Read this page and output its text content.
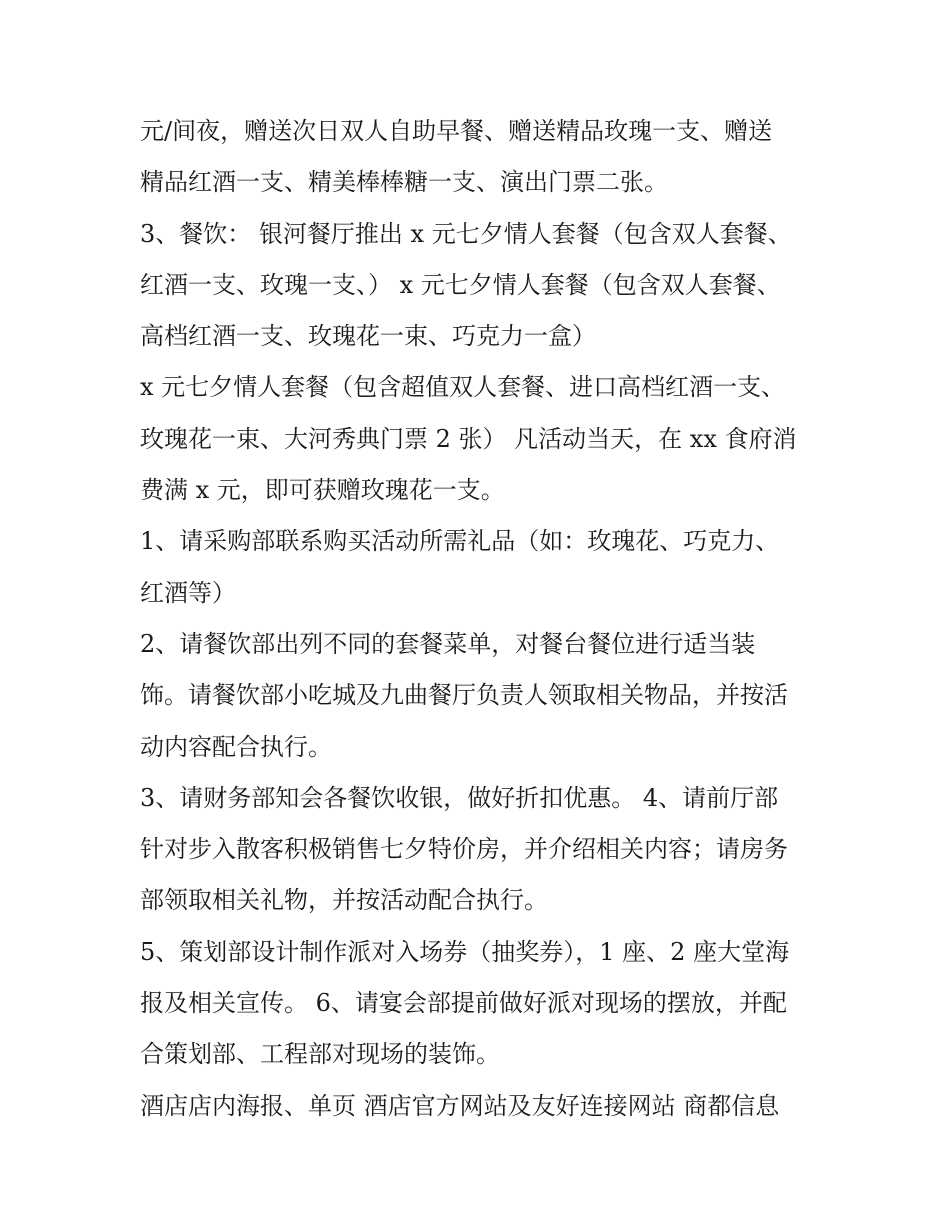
元/间夜，赠送次日双人自助早餐、赠送精品玫瑰一支、赠送
精品红酒一支、精美棒棒糖一支、演出门票二张。
3、餐饮： 银河餐厅推出 x 元七夕情人套餐（包含双人套餐、
红酒一支、玫瑰一支、） x 元七夕情人套餐（包含双人套餐、
高档红酒一支、玫瑰花一束、巧克力一盒）
x 元七夕情人套餐（包含超值双人套餐、进口高档红酒一支、
玫瑰花一束、大河秀典门票 2 张） 凡活动当天，在 xx 食府消
费满 x 元，即可获赠玫瑰花一支。
1、请采购部联系购买活动所需礼品（如：玫瑰花、巧克力、
红酒等）
2、请餐饮部出列不同的套餐菜单，对餐台餐位进行适当装
饰。请餐饮部小吃城及九曲餐厅负责人领取相关物品，并按活
动内容配合执行。
3、请财务部知会各餐饮收银，做好折扣优惠。 4、请前厅部
针对步入散客积极销售七夕特价房，并介绍相关内容；请房务
部领取相关礼物，并按活动配合执行。
5、策划部设计制作派对入场券（抽奖券），1 座、2 座大堂海
报及相关宣传。 6、请宴会部提前做好派对现场的摆放，并配
合策划部、工程部对现场的装饰。
酒店店内海报、单页 酒店官方网站及友好连接网站 商都信息
